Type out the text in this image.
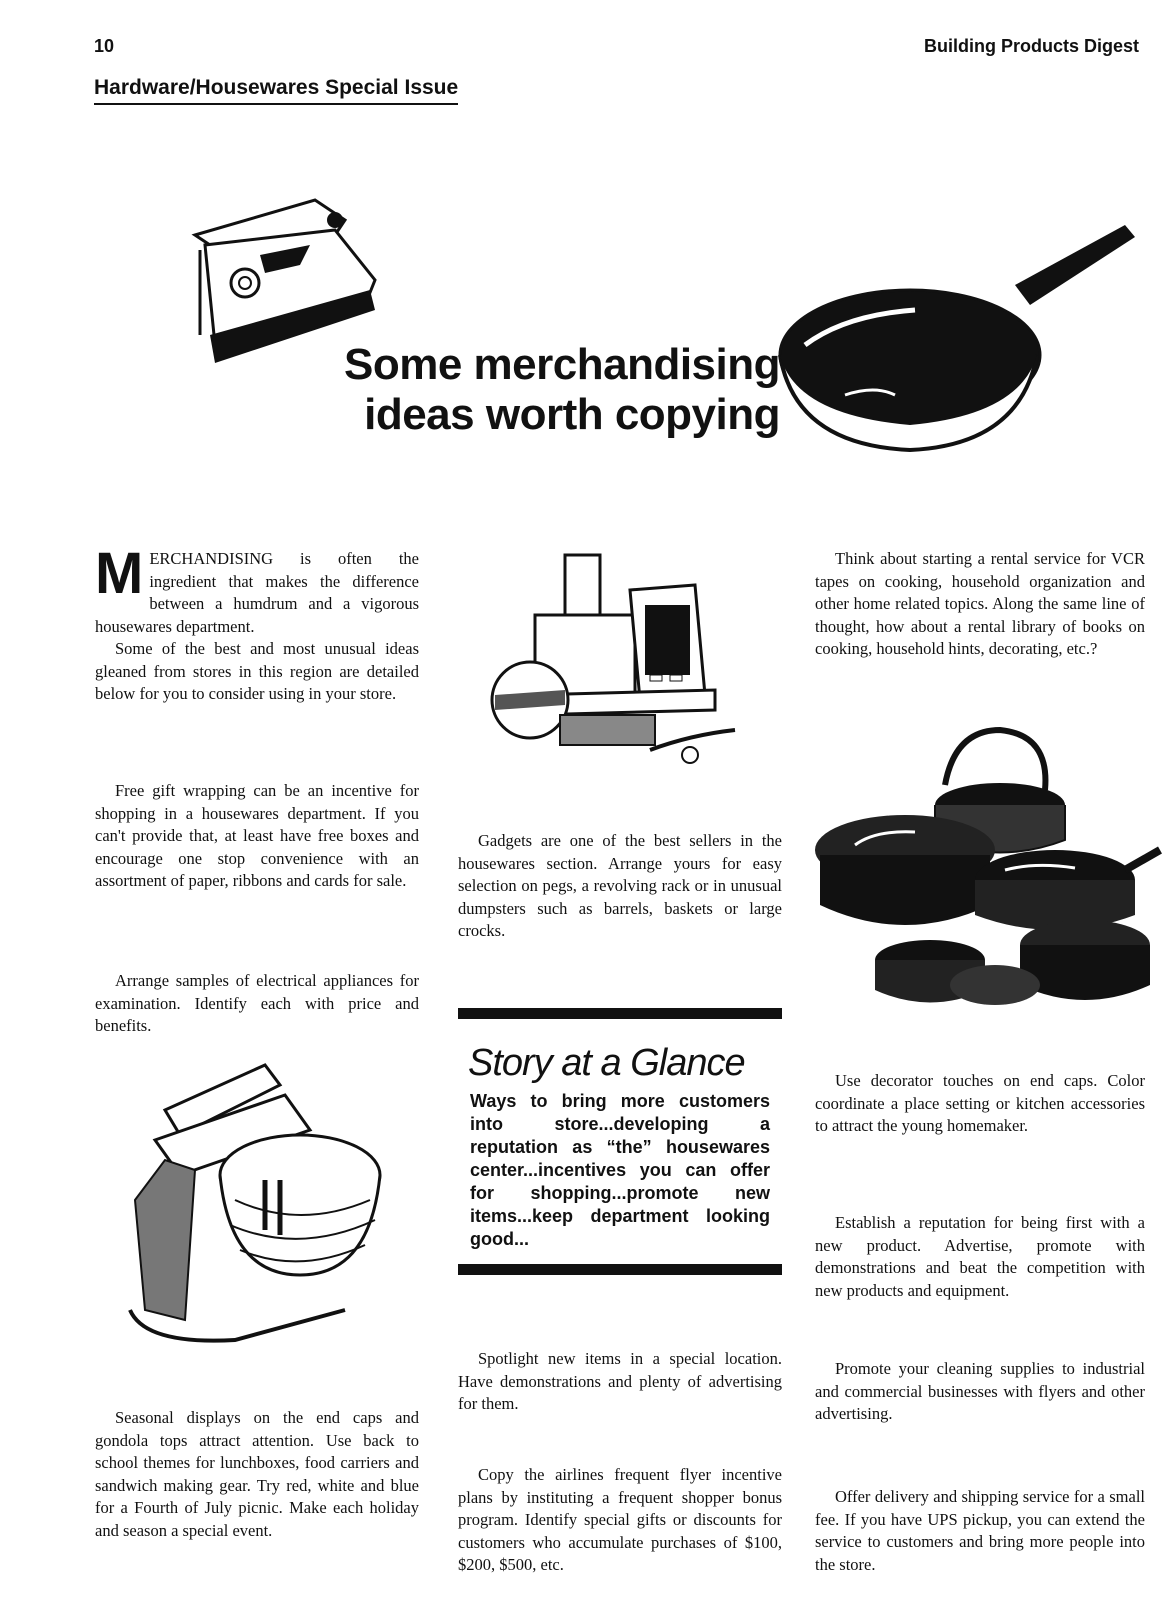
10	Building Products Digest
Hardware/Housewares Special Issue
Some merchandising
ideas worth copying
M ERCHANDISING is often the ingredient that makes the difference between a humdrum and a vigorous housewares department.

Some of the best and most unusual ideas gleaned from stores in this region are detailed below for you to consider using in your store.

Free gift wrapping can be an incentive for shopping in a housewares department. If you can't provide that, at least have free boxes and encourage one stop convenience with an assortment of paper, ribbons and cards for sale.

Arrange samples of electrical appliances for examination. Identify each with price and benefits.

Seasonal displays on the end caps and gondola tops attract attention. Use back to school themes for lunchboxes, food carriers and sandwich making gear. Try red, white and blue for a Fourth of July picnic. Make each holiday and season a special event.

Gadgets are one of the best sellers in the housewares section. Arrange yours for easy selection on pegs, a revolving rack or in unusual dumpsters such as barrels, baskets or large crocks.

Story at a Glance
Ways to bring more customers into store...developing a reputation as “the” housewares center...incentives you can offer for shopping...promote new items...keep department looking good...

Spotlight new items in a special location. Have demonstrations and plenty of advertising for them.

Copy the airlines frequent flyer incentive plans by instituting a frequent shopper bonus program. Identify special gifts or discounts for customers who accumulate purchases of $100, $200, $500, etc.

Think about starting a rental service for VCR tapes on cooking, household organization and other home related topics. Along the same line of thought, how about a rental library of books on cooking, household hints, decorating, etc.?

Use decorator touches on end caps. Color coordinate a place setting or kitchen accessories to attract the young homemaker.

Establish a reputation for being first with a new product. Advertise, promote with demonstrations and beat the competition with new products and equipment.

Promote your cleaning supplies to industrial and commercial businesses with flyers and other advertising.

Offer delivery and shipping service for a small fee. If you have UPS pickup, you can extend the service to customers and bring more people into the store.
